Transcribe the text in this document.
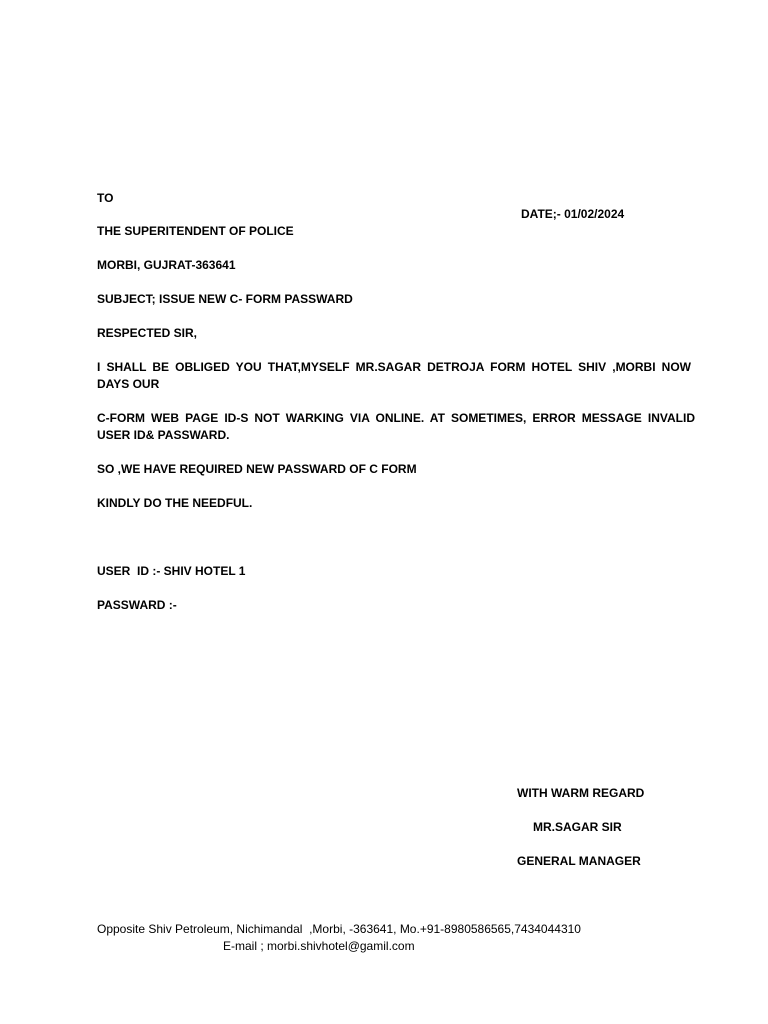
TO
DATE;- 01/02/2024
THE SUPERITENDENT OF POLICE
MORBI, GUJRAT-363641
SUBJECT; ISSUE NEW C- FORM PASSWARD
RESPECTED SIR,
I SHALL BE OBLIGED YOU THAT,MYSELF MR.SAGAR DETROJA FORM HOTEL SHIV ,MORBI NOW DAYS OUR
C-FORM WEB PAGE ID-S NOT WARKING VIA ONLINE. AT SOMETIMES, ERROR MESSAGE INVALID USER ID& PASSWARD.
SO ,WE HAVE REQUIRED NEW PASSWARD OF C FORM
KINDLY DO THE NEEDFUL.
USER  ID :- SHIV HOTEL 1
PASSWARD :-
WITH WARM REGARD
MR.SAGAR SIR
GENERAL MANAGER
Opposite Shiv Petroleum, Nichimandal  ,Morbi, -363641, Mo.+91-8980586565,7434044310
E-mail ; morbi.shivhotel@gamil.com
